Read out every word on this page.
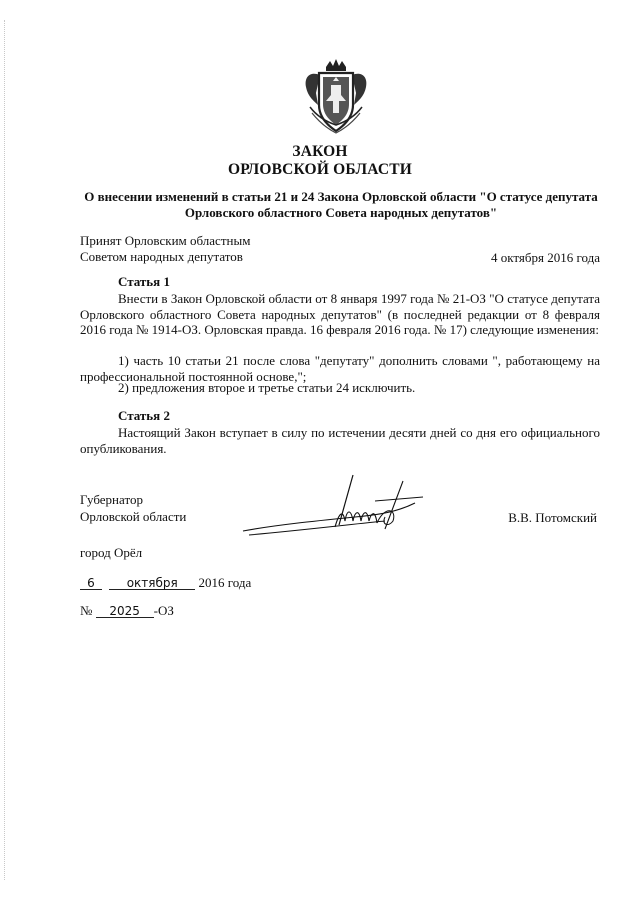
ЗАКОН
ОРЛОВСКОЙ ОБЛАСТИ
О внесении изменений в статьи 21 и 24 Закона Орловской области "О статусе депутата
Орловского областного Совета народных депутатов"
Принят Орловским областным
Советом народных депутатов	4 октября 2016 года
Статья 1
Внести в Закон Орловской области от 8 января 1997 года № 21-ОЗ "О статусе депутата Орловского областного Совета народных депутатов" (в последней редакции от 8 февраля 2016 года № 1914-ОЗ. Орловская правда. 16 февраля 2016 года. № 17) следующие изменения:
1) часть 10 статьи 21 после слова "депутату" дополнить словами ", работающему на профессиональной постоянной основе,";
2) предложения второе и третье статьи 24 исключить.
Статья 2
Настоящий Закон вступает в силу по истечении десяти дней со дня его официального опубликования.
Губернатор
Орловской области	В.В. Потомский
город Орёл
6	октября 2016 года
№ 2025 -ОЗ
